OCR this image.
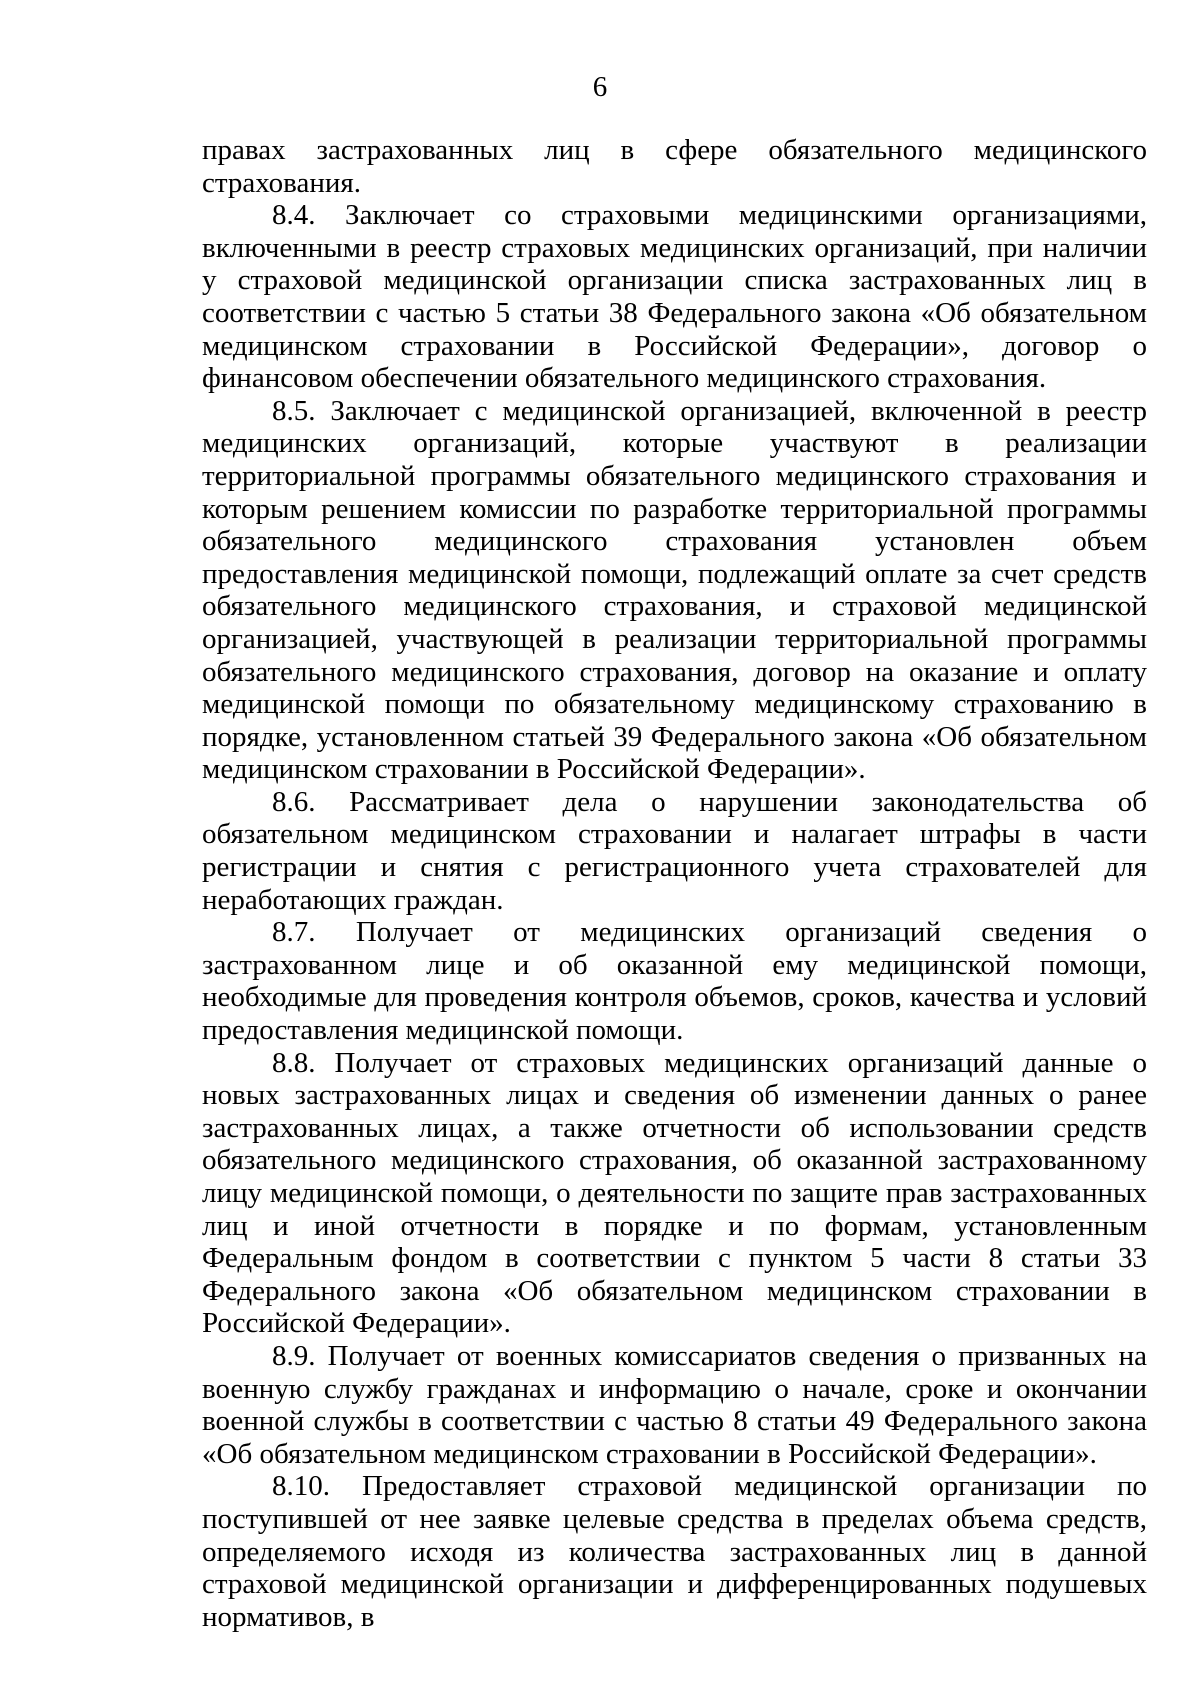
6

правах застрахованных лиц в сфере обязательного медицинского страхования.

8.4. Заключает со страховыми медицинскими организациями, включенными в реестр страховых медицинских организаций, при наличии у страховой медицинской организации списка застрахованных лиц в соответствии с частью 5 статьи 38 Федерального закона «Об обязательном медицинском страховании в Российской Федерации», договор о финансовом обеспечении обязательного медицинского страхования.

8.5. Заключает с медицинской организацией, включенной в реестр медицинских организаций, которые участвуют в реализации территориальной программы обязательного медицинского страхования и которым решением комиссии по разработке территориальной программы обязательного медицинского страхования установлен объем предоставления медицинской помощи, подлежащий оплате за счет средств обязательного медицинского страхования, и страховой медицинской организацией, участвующей в реализации территориальной программы обязательного медицинского страхования, договор на оказание и оплату медицинской помощи по обязательному медицинскому страхованию в порядке, установленном статьей 39 Федерального закона «Об обязательном медицинском страховании в Российской Федерации».

8.6. Рассматривает дела о нарушении законодательства об обязательном медицинском страховании и налагает штрафы в части регистрации и снятия с регистрационного учета страхователей для неработающих граждан.

8.7. Получает от медицинских организаций сведения о застрахованном лице и об оказанной ему медицинской помощи, необходимые для проведения контроля объемов, сроков, качества и условий предоставления медицинской помощи.

8.8. Получает от страховых медицинских организаций данные о новых застрахованных лицах и сведения об изменении данных о ранее застрахованных лицах, а также отчетности об использовании средств обязательного медицинского страхования, об оказанной застрахованному лицу медицинской помощи, о деятельности по защите прав застрахованных лиц и иной отчетности в порядке и по формам, установленным Федеральным фондом в соответствии с пунктом 5 части 8 статьи 33 Федерального закона «Об обязательном медицинском страховании в Российской Федерации».

8.9. Получает от военных комиссариатов сведения о призванных на военную службу гражданах и информацию о начале, сроке и окончании военной службы в соответствии с частью 8 статьи 49 Федерального закона «Об обязательном медицинском страховании в Российской Федерации».

8.10. Предоставляет страховой медицинской организации по поступившей от нее заявке целевые средства в пределах объема средств, определяемого исходя из количества застрахованных лиц в данной страховой медицинской организации и дифференцированных подушевых нормативов, в
